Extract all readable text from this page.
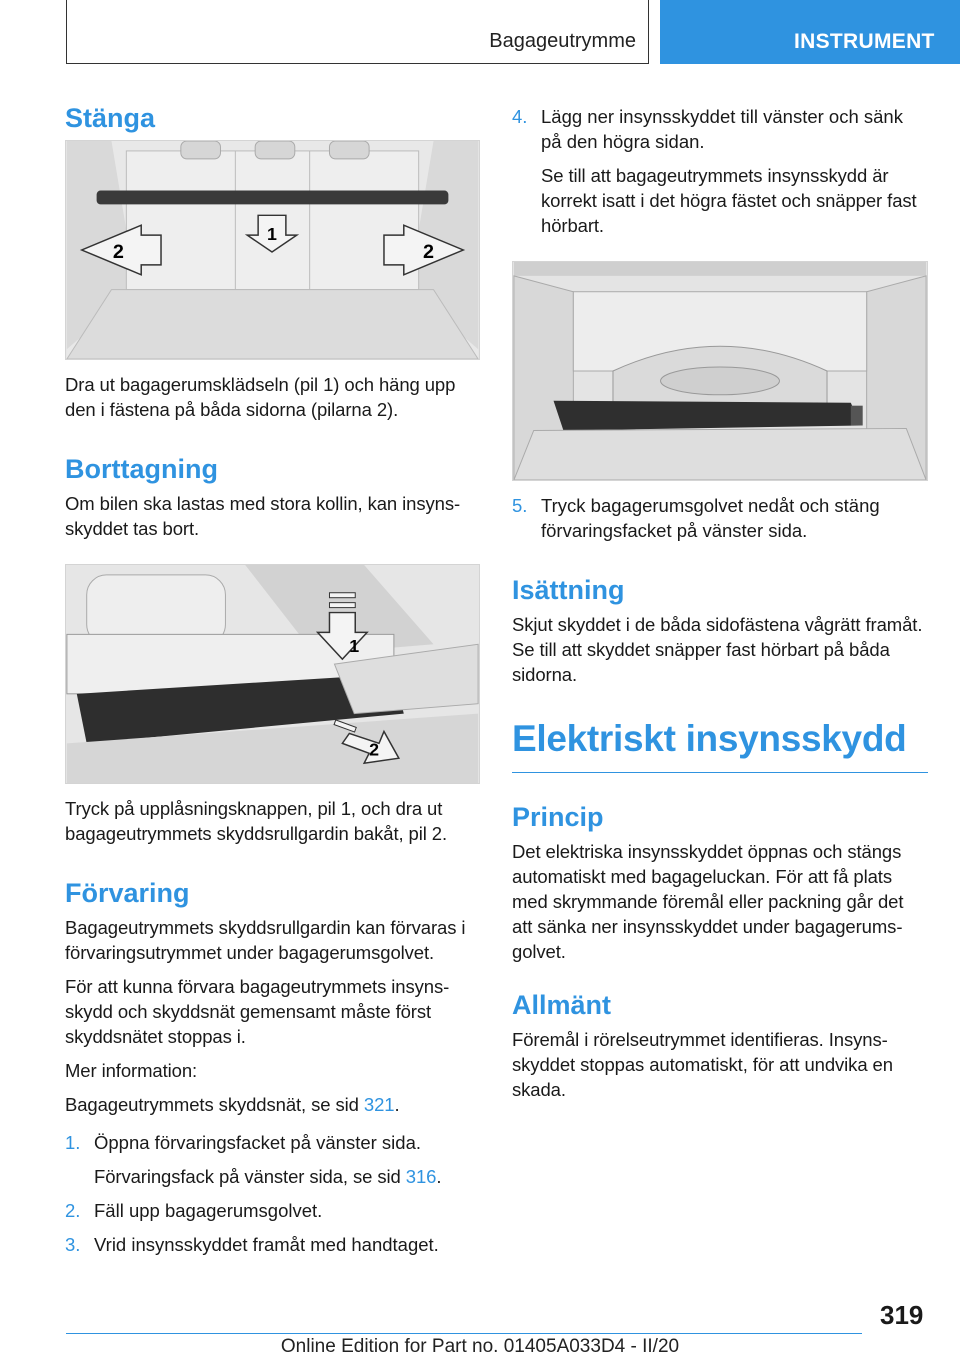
Bagageutrymme	INSTRUMENT
Stänga
1
2	2

Dra ut bagagerumsklädseln (pil 1) och häng upp den i fästena på båda sidorna (pilarna 2).

Borttagning

Om bilen ska lastas med stora kollin, kan insyns-skyddet tas bort.

1
2

Tryck på upplåsningsknappen, pil 1, och dra ut bagageutrymmets skyddsrullgardin bakåt, pil 2.

Förvaring

Bagageutrymmets skyddsrullgardin kan förvaras i förvaringsutrymmet under bagagerumsgolvet.

För att kunna förvara bagageutrymmets insyns-skydd och skyddsnät gemensamt måste först skyddsnätet stoppas i.

Mer information:

Bagageutrymmets skyddsnät, se sid 321.

1. Öppna förvaringsfacket på vänster sida.

Förvaringsfack på vänster sida, se sid 316.

2. Fäll upp bagagerumsgolvet.
3. Vrid insynsskyddet framåt med handtaget.
4. Lägg ner insynsskyddet till vänster och sänk på den högra sidan.

Se till att bagageutrymmets insynsskydd är korrekt isatt i det högra fästet och snäpper fast hörbart.

5. Tryck bagagerumsgolvet nedåt och stäng förvaringsfacket på vänster sida.
Isättning

Skjut skyddet i de båda sidofästena vågrätt framåt. Se till att skyddet snäpper fast hörbart på båda sidorna.

Elektriskt insynsskydd
Princip

Det elektriska insynsskyddet öppnas och stängs automatiskt med bagageluckan. För att få plats med skrymmande föremål eller packning går det att sänka ner insynsskyddet under bagagerums-golvet.

Allmänt

Föremål i rörelseutrymmet identifieras. Insyns-skyddet stoppas automatiskt, för att undvika en skada.

319
Online Edition for Part no. 01405A033D4 - II/20
